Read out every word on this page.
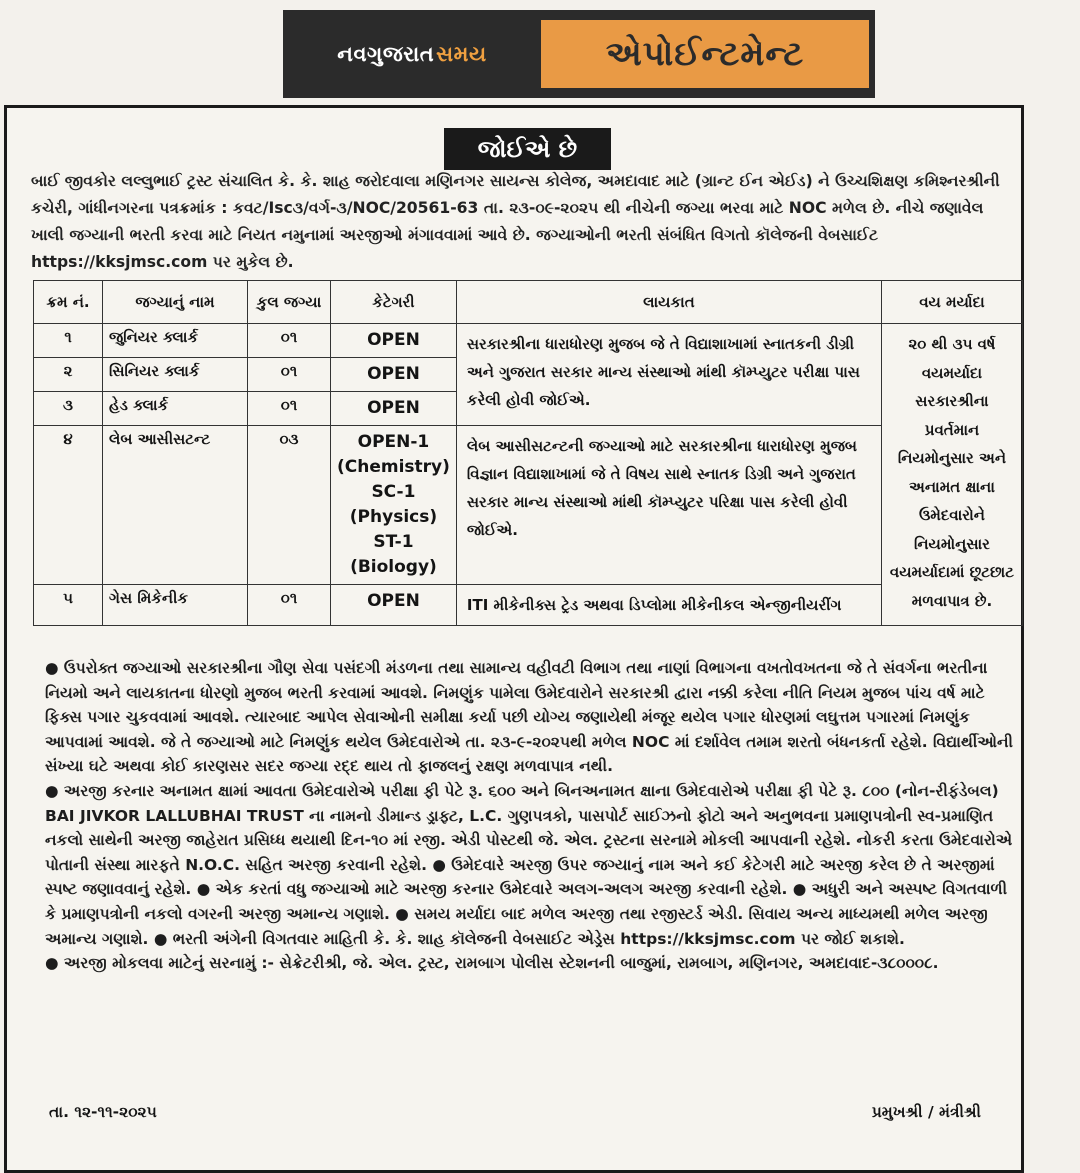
નવગુજરાત સમય	એપોઈન્ટમેન્ટ
જોઈએ છે
બાઈ જીવકોર લલ્લુભાઈ ટ્રસ્ટ સંચાલિત કે. કે. શાહ જરોદવાલા મણિનગર સાયન્સ કોલેજ, અમદાવાદ માટે (ગ્રાન્ટ ઈન એઈડ) ને ઉચ્ચશિક્ષણ કમિશ્નરશ્રીની કચેરી, ગાંધીનગરના પત્રક્રમાંક : કવટ/Isc૩/વર્ગ-૩/NOC/20561-63 તા. ૨૩-૦૯-૨૦૨૫ થી નીચેની જગ્યા ભરવા માટે NOC મળેલ છે. નીચે જણાવેલ ખાલી જગ્યાની ભરતી કરવા માટે નિયત નમુનામાં અરજીઓ મંગાવવામાં આવે છે. જગ્યાઓની ભરતી સંબંધિત વિગતો કૉલેજની વેબસાઈટ https://kksjmsc.com પર મુકેલ છે.
ક્રમ નં.	જગ્યાનું નામ	કુલ જગ્યા	કેટેગરી	લાયકાત	વય મર્યાદા
૧	જુનિયર ક્લાર્ક	૦૧	OPEN	સરકારશ્રીના ધારાધોરણ મુજબ જે તે વિદ્યાશાખામાં સ્નાતકની ડીગ્રી અને ગુજરાત સરકાર માન્ય સંસ્થાઓ માંથી કૉમ્પ્યુટર પરીક્ષા પાસ કરેલી હોવી જોઈએ.	૨૦ થી ૩૫ વર્ષ વયમર્યાદા સરકારશ્રીના પ્રવર્તમાન નિયમોનુસાર અને અનામત ક્ષાના ઉમેદવારોને નિયમોનુસાર વયમર્યાદામાં છૂટછાટ મળવાપાત્ર છે.
૨	સિનિયર ક્લાર્ક	૦૧	OPEN		
૩	હેડ ક્લાર્ક	૦૧	OPEN		
૪	લેબ આસીસટન્ટ	૦૩	OPEN-1 (Chemistry) SC-1 (Physics) ST-1 (Biology)	લેબ આસીસટન્ટની જગ્યાઓ માટે સરકારશ્રીના ધારાધોરણ મુજબ વિજ્ઞાન વિદ્યાશાખામાં જે તે વિષય સાથે સ્નાતક ડિગ્રી અને ગુજરાત સરકાર માન્ય સંસ્થાઓ માંથી કૉમ્પ્યુટર પરિક્ષા પાસ કરેલી હોવી જોઈએ.	
૫	ગેસ મિકેનીક	૦૧	OPEN	ITI મીકેનીક્સ ટ્રેડ અથવા ડિપ્લોમા મીકેનીકલ એન્જીનીયરીંગ	

● ઉપરોક્ત જગ્યાઓ સરકારશ્રીના ગૌણ સેવા પસંદગી મંડળના તથા સામાન્ય વહીવટી વિભાગ તથા નાણાં વિભાગના વખતોવખતના જે તે સંવર્ગના ભરતીના નિયમો અને લાયકાતના ધોરણો મુજબ ભરતી કરવામાં આવશે. નિમણુંક પામેલા ઉમેદવારોને સરકારશ્રી દ્વારા નક્કી કરેલા નીતિ નિયમ મુજબ પાંચ વર્ષ માટે ફિક્સ પગાર ચુકવવામાં આવશે. ત્યારબાદ આપેલ સેવાઓની સમીક્ષા કર્યા પછી યોગ્ય જણાયેથી મંજૂર થયેલ પગાર ધોરણમાં લઘુત્તમ પગારમાં નિમણુંક આપવામાં આવશે. જે તે જગ્યાઓ માટે નિમણુંક થયેલ ઉમેદવારોએ તા. ૨૩-૯-૨૦૨૫થી મળેલ NOC માં દર્શાવેલ તમામ શરતો બંધનકર્તા રહેશે. વિદ્યાર્થીઓની સંખ્યા ઘટે અથવા કોઈ કારણસર સદર જગ્યા રદ્દ થાય તો ફાજલનું રક્ષણ મળવાપાત્ર નથી.

● અરજી કરનાર અનામત ક્ષામાં આવતા ઉમેદવારોએ પરીક્ષા ફી પેટે રૂ. ૬૦૦ અને બિનઅનામત ક્ષાના ઉમેદવારોએ પરીક્ષા ફી પેટે રૂ. ૮૦૦ (નોન-રીફંડેબલ) BAI JIVKOR LALLUBHAI TRUST ના નામનો ડીમાન્ડ ડ્રાફ્ટ, L.C. ગુણપત્રકો, પાસપોર્ટ સાઈઝનો ફોટો અને અનુભવના પ્રમાણપત્રોની સ્વ-પ્રમાણિત નકલો સાથેની અરજી જાહેરાત પ્રસિધ્ધ થયાથી દિન-૧૦ માં રજી. એડી પોસ્ટથી જે. એલ. ટ્રસ્ટના સરનામે મોકલી આપવાની રહેશે. નોકરી કરતા ઉમેદવારોએ પોતાની સંસ્થા મારફતે N.O.C. સહિત અરજી કરવાની રહેશે. ● ઉમેદવારે અરજી ઉપર જગ્યાનું નામ અને કઈ કેટેગરી માટે અરજી કરેલ છે તે અરજીમાં સ્પષ્ટ જણાવવાનું રહેશે. ● એક કરતાં વધુ જગ્યાઓ માટે અરજી કરનાર ઉમેદવારે અલગ-અલગ અરજી કરવાની રહેશે. ● અધુરી અને અસ્પષ્ટ વિગતવાળી કે પ્રમાણપત્રોની નકલો વગરની અરજી અમાન્ય ગણાશે. ● સમય મર્યાદા બાદ મળેલ અરજી તથા રજીસ્ટર્ડ એડી. સિવાય અન્ય માધ્યમથી મળેલ અરજી અમાન્ય ગણાશે. ● ભરતી અંગેની વિગતવાર માહિતી કે. કે. શાહ કૉલેજની વેબસાઈટ એડ્રેસ https://kksjmsc.com પર જોઈ શકાશે.

● અરજી મોકલવા માટેનું સરનામું :- સેક્રેટરીશ્રી, જે. એલ. ટ્રસ્ટ, રામબાગ પોલીસ સ્ટેશનની બાજુમાં, રામબાગ, મણિનગર, અમદાવાદ-૩૮૦૦૦૮.

તા. ૧૨-૧૧-૨૦૨૫	પ્રમુખશ્રી / મંત્રીશ્રી
